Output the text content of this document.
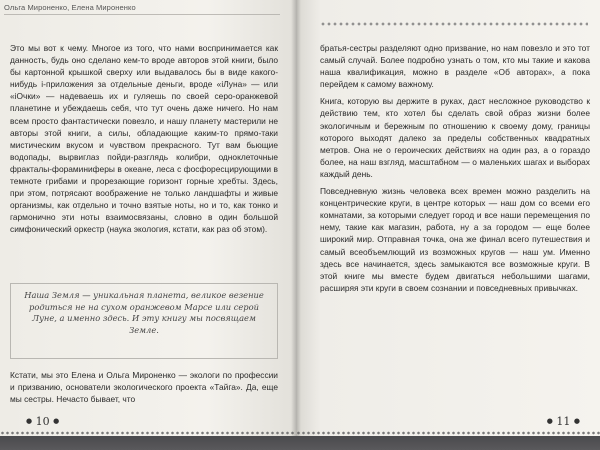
Ольга Мироненко, Елена Мироненко

Это мы вот к чему. Многое из того, что нами воспринимается как данность, будь оно сделано кем-то вроде авторов этой книги, было бы картонной крышкой сверху или выдавалось бы в виде какого-нибудь i-приложения за отдельные деньги, вроде «iЛуна» — или «iОчки» — надеваешь их и гуляешь по своей серо-оранжевой планетине и убеждаешь себя, что тут очень даже ничего. Но нам всем просто фантастически повезло, и нашу планету мастерили не авторы этой книги, а силы, обладающие каким-то прямо-таки мистическим вкусом и чувством прекрасного. Тут вам бьющие водопады, вырвиглаз пойди-разглядь колибри, одноклеточные фракталы-фораминиферы в океане, леса с фосфоресцирующими в темноте грибами и прорезающие горизонт горные хребты. Здесь, при этом, потрясают воображение не только ландшафты и живые организмы, как отдельно и точно взятые ноты, но и то, как тонко и гармонично эти ноты взаимосвязаны, словно в один большой симфонический оркестр (наука экология, кстати, как раз об этом).

Наша Земля — уникальная планета, великое везение родиться не на сухом оранжевом Марсе или серой Луне, а именно здесь. И эту книгу мы посвящаем Земле.

Кстати, мы это Елена и Ольга Мироненко — экологи по профессии и призванию, основатели экологического проекта «Тайга». Да, еще мы сестры. Нечасто бывает, что

● 10 ●

братья-сестры разделяют одно призвание, но нам повезло и это тот самый случай. Более подробно узнать о том, кто мы такие и какова наша квалификация, можно в разделе «Об авторах», а пока перейдем к самому важному.

Книга, которую вы держите в руках, даст несложное руководство к действию тем, кто хотел бы сделать свой образ жизни более экологичным и бережным по отношению к своему дому, границы которого выходят далеко за пределы собственных квадратных метров. Она не о героических действиях на один раз, а о гораздо более, на наш взгляд, масштабном — о маленьких шагах и выборах каждый день.

Повседневную жизнь человека всех времен можно разделить на концентрические круги, в центре которых — наш дом со всеми его комнатами, за которыми следует город и все наши перемещения по нему, такие как магазин, работа, ну а за городом — еще более широкий мир. Отправная точка, она же финал всего путешествия и самый всеобъемлющий из возможных кругов — наш ум. Именно здесь все начинается, здесь замыкаются все возможные круги. В этой книге мы вместе будем двигаться небольшими шагами, расширяя эти круги в своем сознании и повседневных привычках.

● 11 ●
